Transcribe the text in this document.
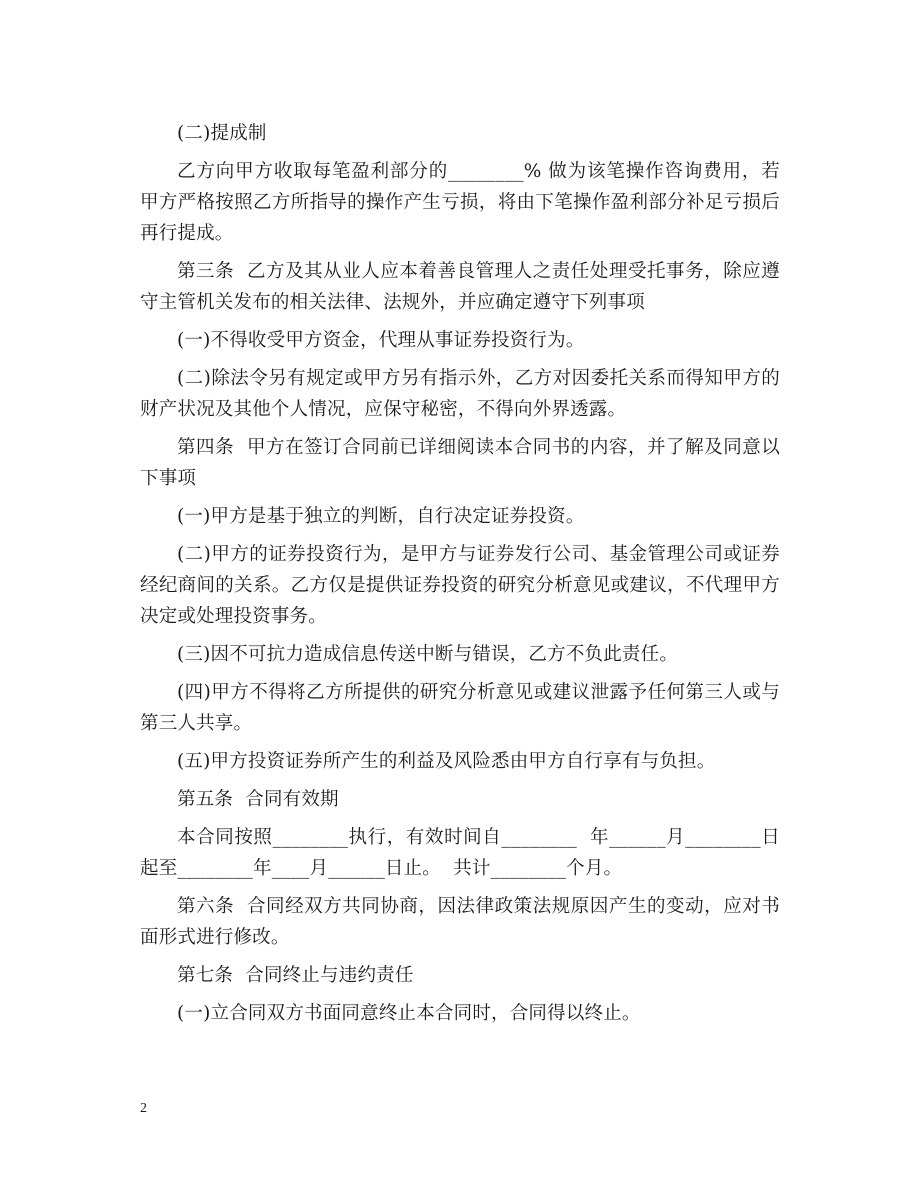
(二)提成制

乙方向甲方收取每笔盈利部分的________% 做为该笔操作咨询费用，若甲方严格按照乙方所指导的操作产生亏损，将由下笔操作盈利部分补足亏损后再行提成。

第三条  乙方及其从业人应本着善良管理人之责任处理受托事务，除应遵守主管机关发布的相关法律、法规外，并应确定遵守下列事项

(一)不得收受甲方资金，代理从事证券投资行为。

(二)除法令另有规定或甲方另有指示外，乙方对因委托关系而得知甲方的财产状况及其他个人情况，应保守秘密，不得向外界透露。

第四条  甲方在签订合同前已详细阅读本合同书的内容，并了解及同意以下事项

(一)甲方是基于独立的判断，自行决定证券投资。

(二)甲方的证券投资行为，是甲方与证券发行公司、基金管理公司或证券经纪商间的关系。乙方仅是提供证券投资的研究分析意见或建议，不代理甲方决定或处理投资事务。

(三)因不可抗力造成信息传送中断与错误，乙方不负此责任。

(四)甲方不得将乙方所提供的研究分析意见或建议泄露予任何第三人或与第三人共享。

(五)甲方投资证券所产生的利益及风险悉由甲方自行享有与负担。

第五条  合同有效期

本合同按照________执行，有效时间自________  年______月________日起至________年____月______日止。  共计________个月。

第六条  合同经双方共同协商，因法律政策法规原因产生的变动，应对书面形式进行修改。

第七条  合同终止与违约责任

(一)立合同双方书面同意终止本合同时，合同得以终止。

2
